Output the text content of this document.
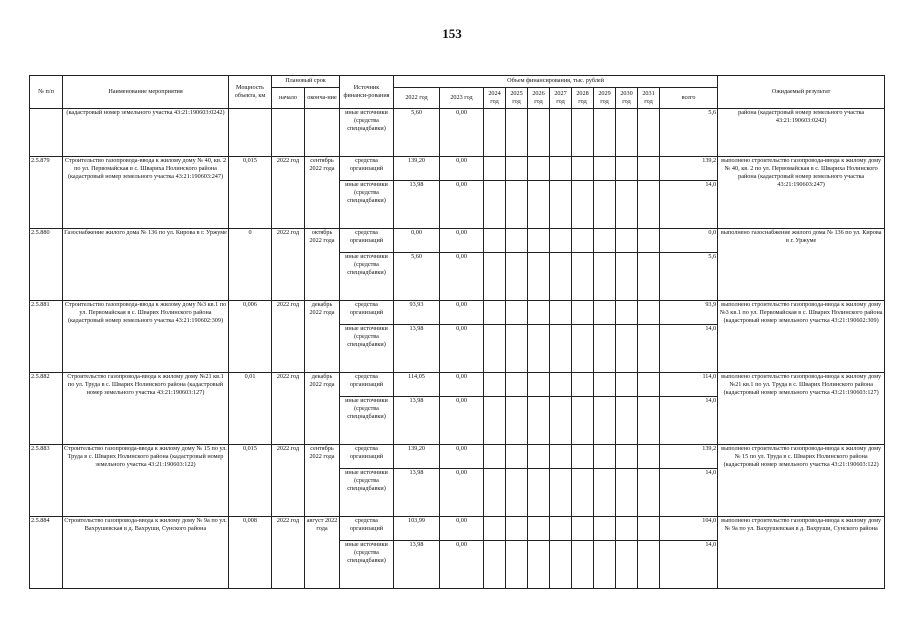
153
№ п/п	Наименование мероприятия	Мощность объекта, км	Плановый срок		Источник финанси-рования	Объем финансирования, тыс. рублей											Ожидаемый результат
			начало	оконча-ние		2022 год	2023 год	2024 год	2025 год	2026 год	2027 год	2028 год	2029 год	2030 год	2031 год	всего	
	(кадастровый номер земельного участка 43:21:190603:0242)				иные источники (средства спецнадбавки)	5,60	0,00									5,6	района (кадастровый номер земельного участка 43:21:190603:0242)
2.5.879	Строительство газопровода-ввода к жилому дому № 40, кв. 2 по ул. Первомайская в с. Швариха Нолинского района (кадастровый номер земельного участка 43:21:190603:247)	0,015	2022 год	сентябрь 2022 года	средства организаций	139,20	0,00									139,2	выполнено строительство газопровода-ввода к жилому дому № 40, кв. 2 по ул. Первомайская в с. Швариха Нолинского района (кадастровый номер земельного участка 43:21:190603:247)
					иные источники (средства спецнадбавки)	13,98	0,00									14,0	
2.5.880	Газоснабжение жилого дома № 136 по ул. Кирова в г. Уржуме	0	2022 год	октябрь 2022 года	средства организаций	0,00	0,00									0,0	выполнено газоснабжение жилого дома № 136 по ул. Кирова в г. Уржуме
					иные источники (средства спецнадбавки)	5,60	0,00									5,6	
2.5.881	Строительство газопровода-ввода к жилому дому №3 кв.1 по ул. Первомайская в с. Шварих Нолинского района (кадастровый номер земельного участка 43:21:190602:309)	0,006	2022 год	декабрь 2022 года	средства организаций	93,93	0,00									93,9	выполнено строительство газопровода-ввода к жилому дому №3 кв.1 по ул. Первомайская в с. Шварих Нолинского района (кадастровый номер земельного участка 43:21:190602:309)
					иные источники (средства спецнадбавки)	13,98	0,00									14,0	
2.5.882	Строительство газопровода-ввода к жилому дому №21 кв.1 по ул. Труда в с. Шварих Нолинского района (кадастровый номер земельного участка 43:21:190603:127)	0,01	2022 год	декабрь 2022 года	средства организаций	114,05	0,00									114,0	выполнено строительство газопровода-ввода к жилому дому №21 кв.1 по ул. Труда в с. Шварих Нолинского района (кадастровый номер земельного участка 43:21:190603:127)
					иные источники (средства спецнадбавки)	13,98	0,00									14,0	
2.5.883	Строительство газопровода-ввода к жилому дому № 15 по ул. Труда в с. Шварих Нолинского района (кадастровый номер земельного участка 43:21:190603:122)	0,015	2022 год	сентябрь 2022 года	средства организаций	139,20	0,00									139,2	выполнено строительство газопровода-ввода к жилому дому № 15 по ул. Труда в с. Шварих Нолинского района (кадастровый номер земельного участка 43:21:190603:122)
					иные источники (средства спецнадбавки)	13,98	0,00									14,0	
2.5.884	Строительство газопровода-ввода к жилому дому № 9а по ул. Вахрушевская в д. Вахруши, Сунского района	0,008	2022 год	август 2022 года	средства организаций	103,99	0,00									104,0	выполнено строительство газопровода-ввода к жилому дому № 9а по ул. Вахрушевская в д. Вахруши, Сунского района
					иные источники (средства спецнадбавки)	13,98	0,00									14,0	
